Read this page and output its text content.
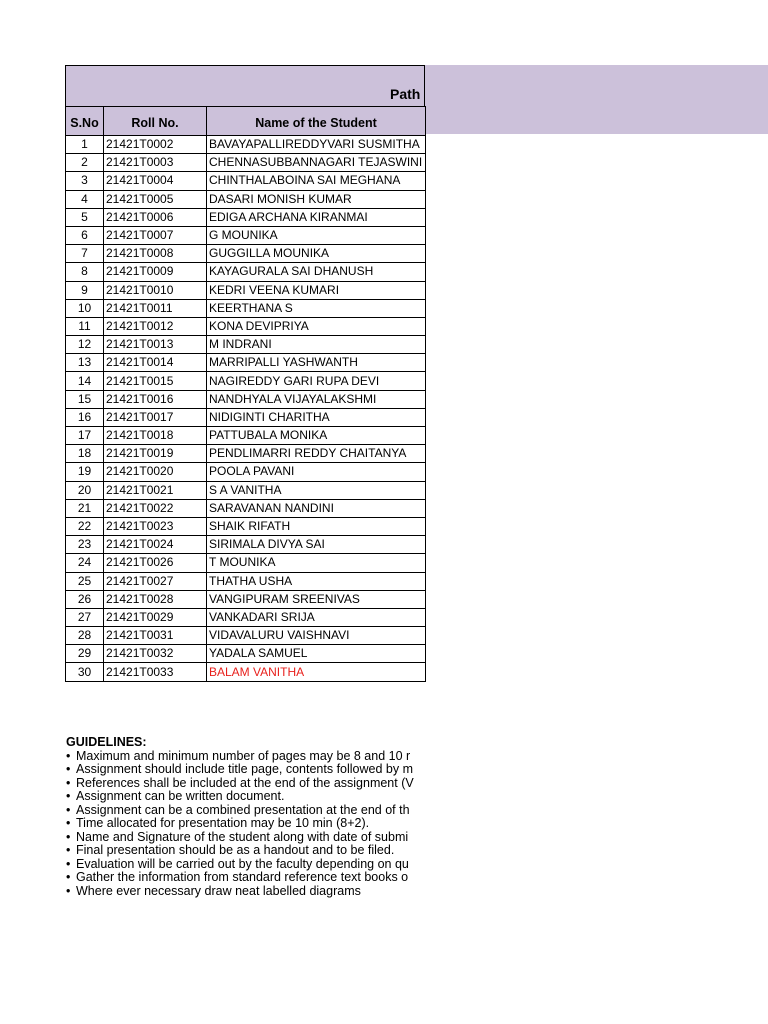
Path
S.No	Roll No.	Name of the Student
1	21421T0002	BAVAYAPALLIREDDYVARI SUSMITHA
2	21421T0003	CHENNASUBBANNAGARI TEJASWINI
3	21421T0004	CHINTHALABOINA SAI MEGHANA
4	21421T0005	DASARI MONISH KUMAR
5	21421T0006	EDIGA ARCHANA KIRANMAI
6	21421T0007	G MOUNIKA
7	21421T0008	GUGGILLA MOUNIKA
8	21421T0009	KAYAGURALA SAI DHANUSH
9	21421T0010	KEDRI VEENA KUMARI
10	21421T0011	KEERTHANA S
11	21421T0012	KONA DEVIPRIYA
12	21421T0013	M INDRANI
13	21421T0014	MARRIPALLI YASHWANTH
14	21421T0015	NAGIREDDY GARI RUPA DEVI
15	21421T0016	NANDHYALA VIJAYALAKSHMI
16	21421T0017	NIDIGINTI CHARITHA
17	21421T0018	PATTUBALA MONIKA
18	21421T0019	PENDLIMARRI REDDY CHAITANYA
19	21421T0020	POOLA PAVANI
20	21421T0021	S A VANITHA
21	21421T0022	SARAVANAN NANDINI
22	21421T0023	SHAIK RIFATH
23	21421T0024	SIRIMALA DIVYA SAI
24	21421T0026	T MOUNIKA
25	21421T0027	THATHA USHA
26	21421T0028	VANGIPURAM SREENIVAS
27	21421T0029	VANKADARI SRIJA
28	21421T0031	VIDAVALURU VAISHNAVI
29	21421T0032	YADALA SAMUEL
30	21421T0033	BALAM VANITHA
GUIDELINES:
• Maximum and minimum number of pages may be 8 and 10 r
• Assignment should include title page, contents followed by m
• References shall be included at the end of the assignment (V
• Assignment can be written document.
• Assignment can be a combined presentation at the end of th
• Time allocated for presentation may be 10 min (8+2).
• Name and Signature of the student along with date of submi
• Final presentation should be as a handout and to be filed.
• Evaluation will be carried out by the faculty depending on qu
• Gather the information from standard reference text books o
• Where ever necessary draw neat labelled diagrams
